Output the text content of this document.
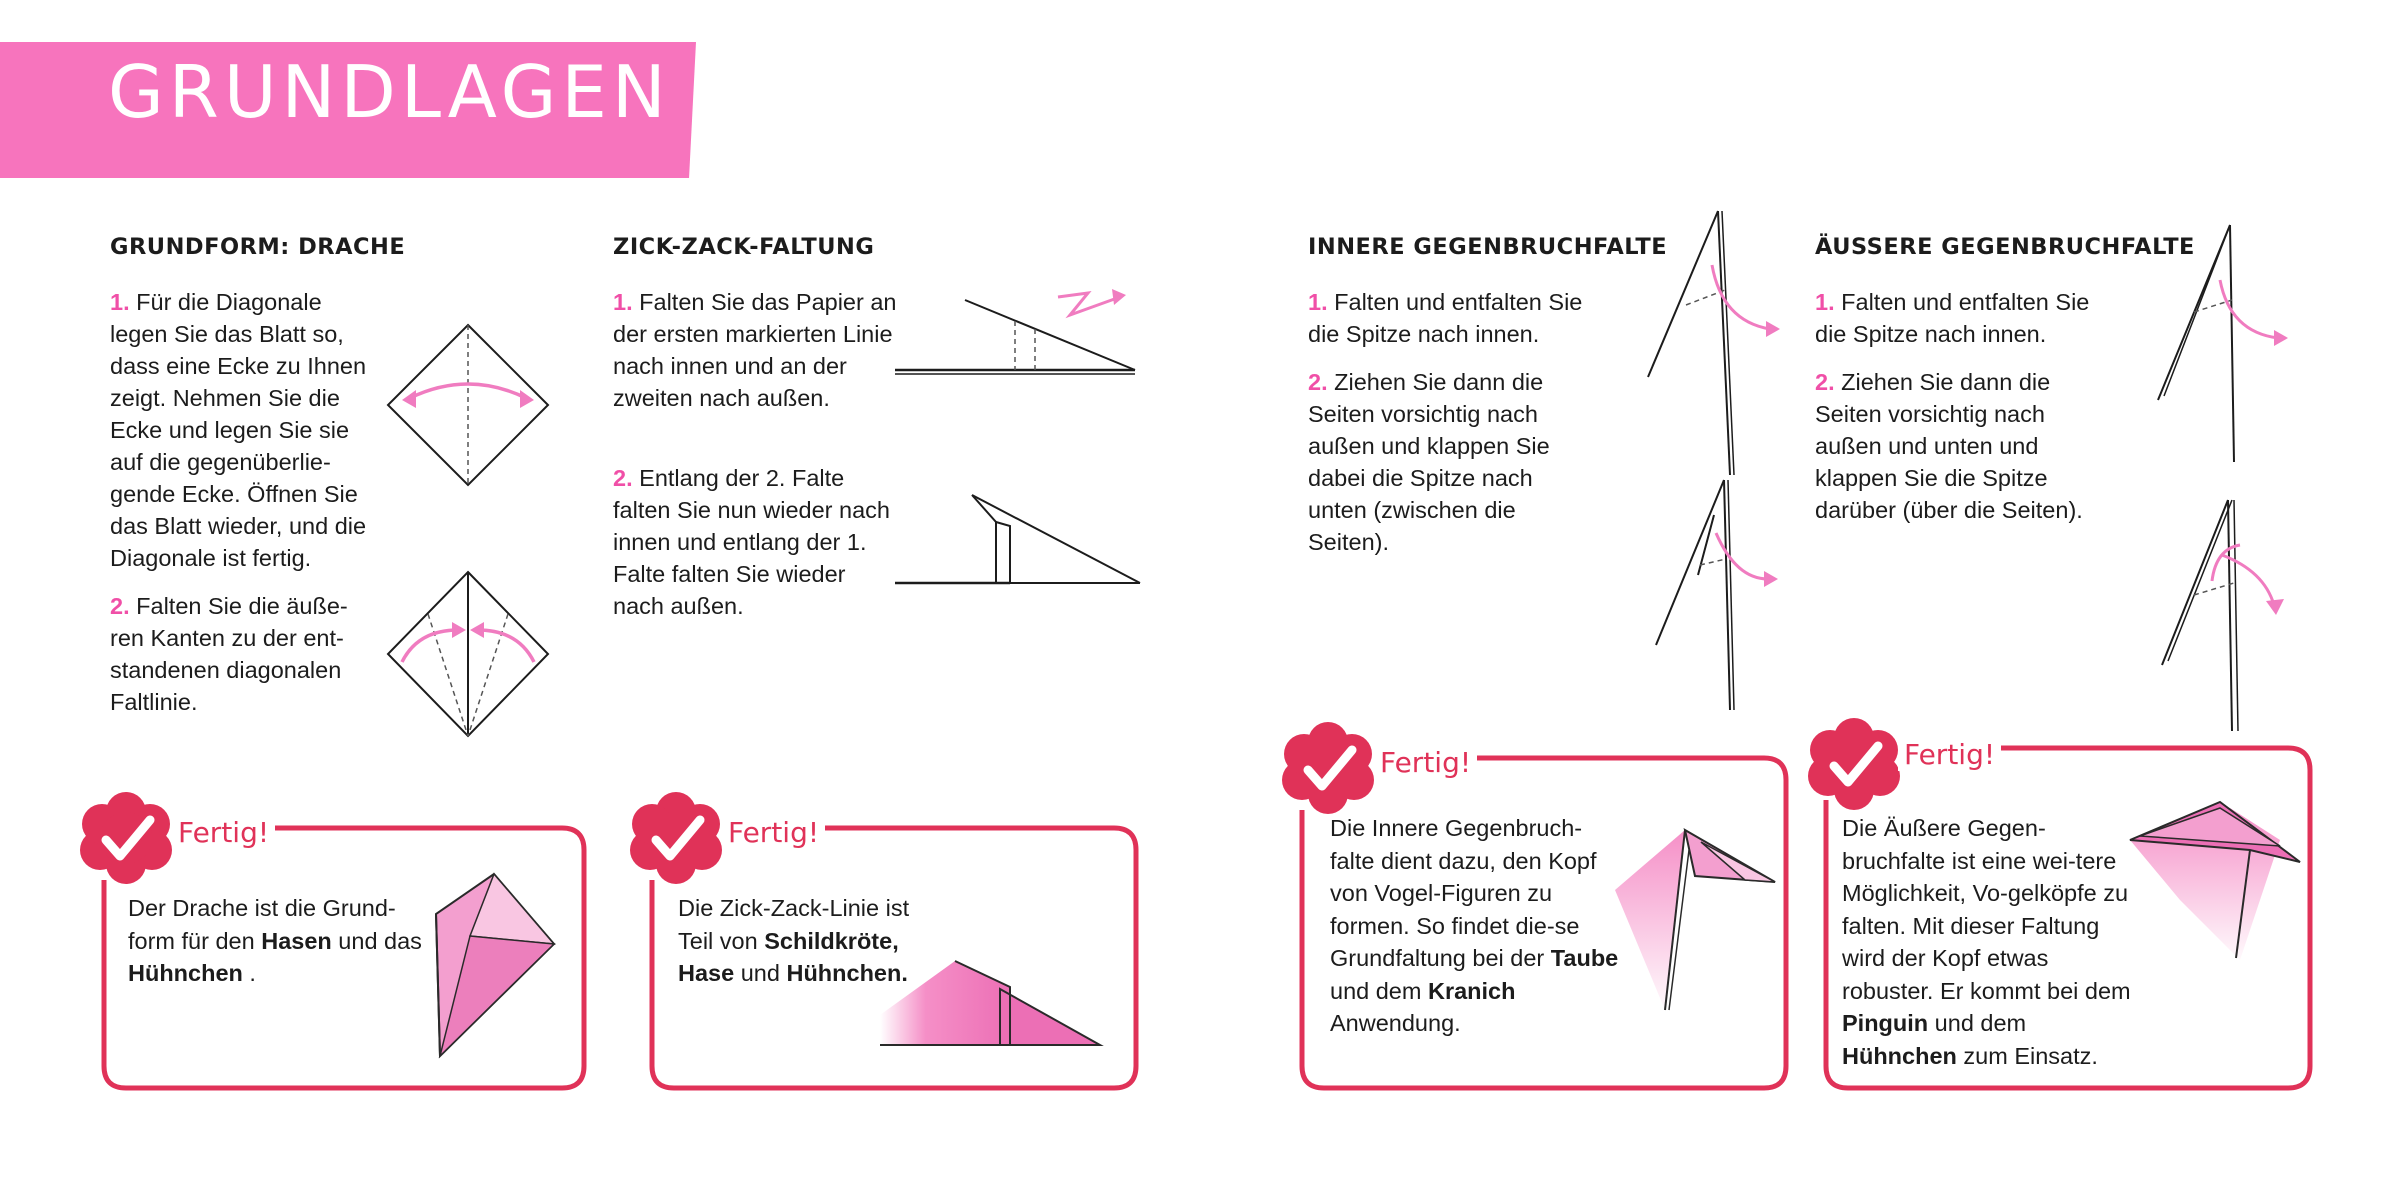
GRUNDLAGEN
GRUNDFORM: DRACHE

1. Für die Diagonale legen Sie das Blatt so, dass eine Ecke zu Ihnen zeigt. Nehmen Sie die Ecke und legen Sie sie auf die gegenüberlie-gende Ecke. Öffnen Sie das Blatt wieder, und die Diagonale ist fertig.

2. Falten Sie die äuße-ren Kanten zu der ent-standenen diagonalen Faltlinie.

ZICK-ZACK-FALTUNG

1. Falten Sie das Papier an der ersten markierten Linie nach innen und an der zweiten nach außen.

2. Entlang der 2. Falte falten Sie nun wieder nach innen und entlang der 1. Falte falten Sie wieder nach außen.

INNERE GEGENBRUCHFALTE

1. Falten und entfalten Sie die Spitze nach innen.

2. Ziehen Sie dann die Seiten vorsichtig nach außen und klappen Sie dabei die Spitze nach unten (zwischen die Seiten).

ÄUSSERE GEGENBRUCHFALTE

1. Falten und entfalten Sie die Spitze nach innen.

2. Ziehen Sie dann die Seiten vorsichtig nach außen und unten und klappen Sie die Spitze darüber (über die Seiten).

Fertig!

Der Drache ist die Grund-form für den Hasen und das Hühnchen .

Fertig!

Die Zick-Zack-Linie ist Teil von Schildkröte, Hase und Hühnchen.

Fertig!

Die Innere Gegenbruch-falte dient dazu, den Kopf von Vogel-Figuren zu formen. So findet die-se Grundfaltung bei der Taube und dem Kranich Anwendung.

Fertig!

Die Äußere Gegen-bruchfalte ist eine wei-tere Möglichkeit, Vo-gelköpfe zu falten. Mit dieser Faltung wird der Kopf etwas robuster. Er kommt bei dem Pinguin und dem Hühnchen zum Einsatz.
